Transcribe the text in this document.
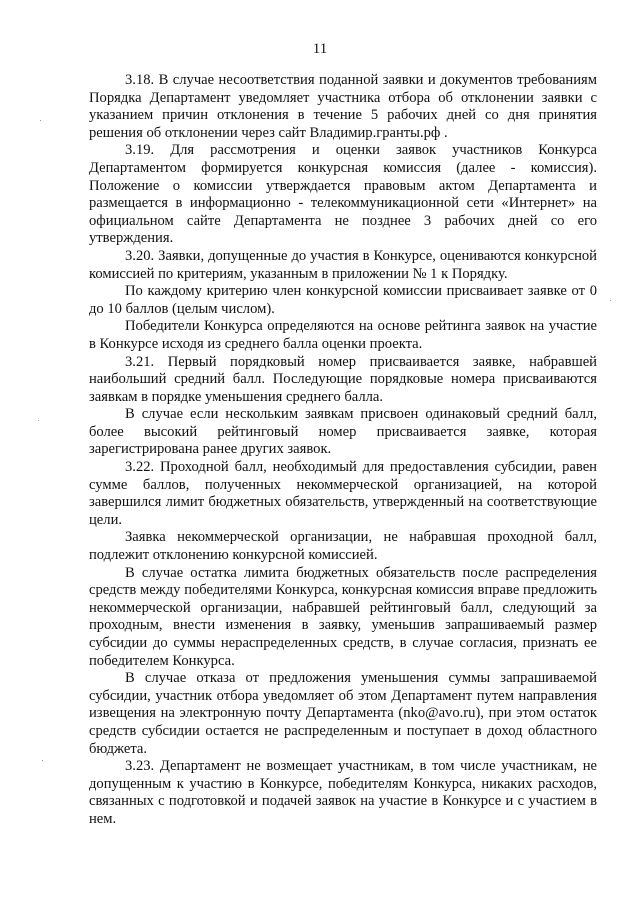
11

3.18. В случае несоответствия поданной заявки и документов требованиям Порядка Департамент уведомляет участника отбора об отклонении заявки с указанием причин отклонения в течение 5 рабочих дней со дня принятия решения об отклонении через сайт Владимир.гранты.рф .

3.19. Для рассмотрения и оценки заявок участников Конкурса Департаментом формируется конкурсная комиссия (далее - комиссия). Положение о комиссии утверждается правовым актом Департамента и размещается в информационно - телекоммуникационной сети «Интернет» на официальном сайте Департамента не позднее 3 рабочих дней со его утверждения.

3.20. Заявки, допущенные до участия в Конкурсе, оцениваются конкурсной комиссией по критериям, указанным в приложении № 1 к Порядку.

По каждому критерию член конкурсной комиссии присваивает заявке от 0 до 10 баллов (целым числом).

Победители Конкурса определяются на основе рейтинга заявок на участие в Конкурсе исходя из среднего балла оценки проекта.

3.21. Первый порядковый номер присваивается заявке, набравшей наибольший средний балл. Последующие порядковые номера присваиваются заявкам в порядке уменьшения среднего балла.

В случае если нескольким заявкам присвоен одинаковый средний балл, более высокий рейтинговый номер присваивается заявке, которая зарегистрирована ранее других заявок.

3.22. Проходной балл, необходимый для предоставления субсидии, равен сумме баллов, полученных некоммерческой организацией, на которой завершился лимит бюджетных обязательств, утвержденный на соответствующие цели.

Заявка некоммерческой организации, не набравшая проходной балл, подлежит отклонению конкурсной комиссией.

В случае остатка лимита бюджетных обязательств после распределения средств между победителями Конкурса, конкурсная комиссия вправе предложить некоммерческой организации, набравшей рейтинговый балл, следующий за проходным, внести изменения в заявку, уменьшив запрашиваемый размер субсидии до суммы нераспределенных средств, в случае согласия, признать ее победителем Конкурса.

В случае отказа от предложения уменьшения суммы запрашиваемой субсидии, участник отбора уведомляет об этом Департамент путем направления извещения на электронную почту Департамента (nko@avo.ru), при этом остаток средств субсидии остается не распределенным и поступает в доход областного бюджета.

3.23. Департамент не возмещает участникам, в том числе участникам, не допущенным к участию в Конкурсе, победителям Конкурса, никаких расходов, связанных с подготовкой и подачей заявок на участие в Конкурсе и с участием в нем.
